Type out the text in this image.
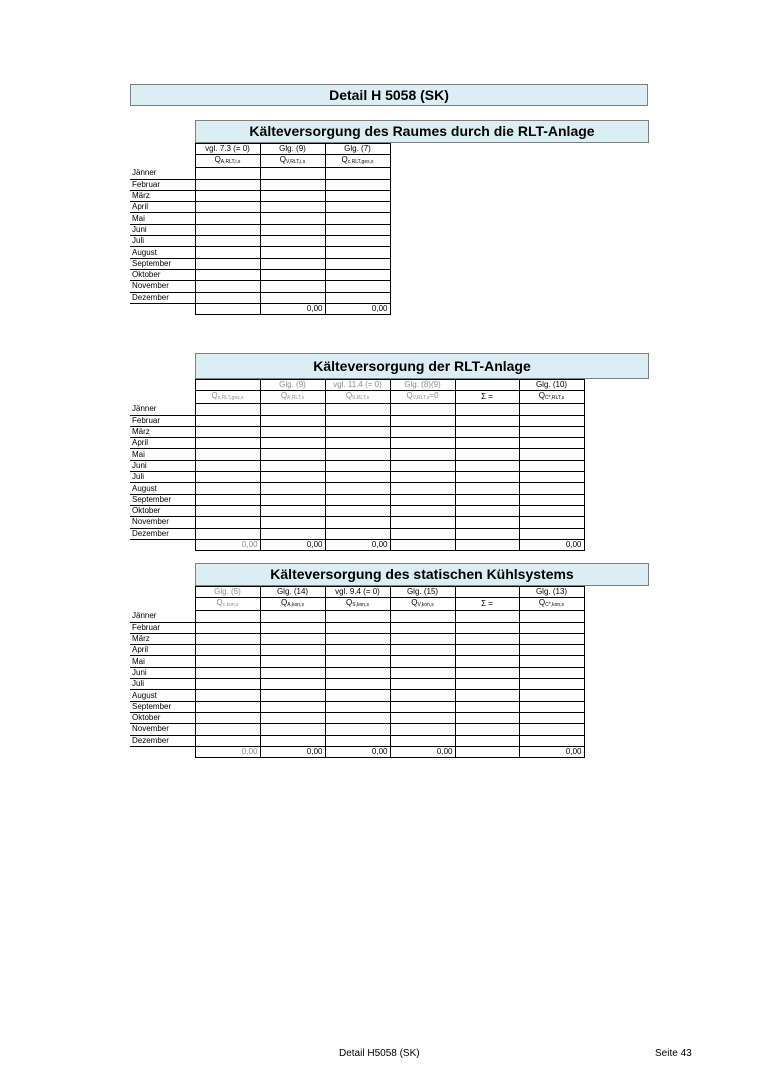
Detail H 5058 (SK)
Kälteversorgung des Raumes durch die RLT-Anlage
	vgl. 7.3 (= 0)	Glg. (9)	Glg. (7)
	$Q_{A,RLT,i,s}$	$Q_{V,RLT,i,s}$	$Q_{c,RLT,ges,s}$
Jänner			
Februar			
März			
April			
Mai			
Juni			
Juli			
August			
September			
Oktober			
November			
Dezember			
		0,00	0,00
Kälteversorgung der RLT-Anlage
		Glg. (9)	vgl. 11.4 (= 0)	Glg. (8)(9)		Glg. (10)
	$Q_{c,RLT,ges,s}$	$Q_{A,RLT,s}$	$Q_{S,RLT,s}$	$Q_{V,RLT,s}=0$	Σ =	$Q_{C*,RLT,s}$
Jänner						
Februar						
März						
April						
Mai						
Juni						
Juli						
August						
September						
Oktober						
November						
Dezember						
	0,00	0,00	0,00			0,00
Kälteversorgung des statischen Kühlsystems
	Glg. (5)	Glg. (14)	vgl. 9.4 (= 0)	Glg. (15)		Glg. (13)
	$Q_{c,kon,s}$	$Q_{A,kon,s}$	$Q_{S,kon,s}$	$Q_{V,kon,s}$	Σ =	$Q_{C*,kon,s}$
Jänner						
Februar						
März						
April						
Mai						
Juni						
Juli						
August						
September						
Oktober						
November						
Dezember						
	0,00	0,00	0,00	0,00		0,00
Detail H5058 (SK)	Seite 43
